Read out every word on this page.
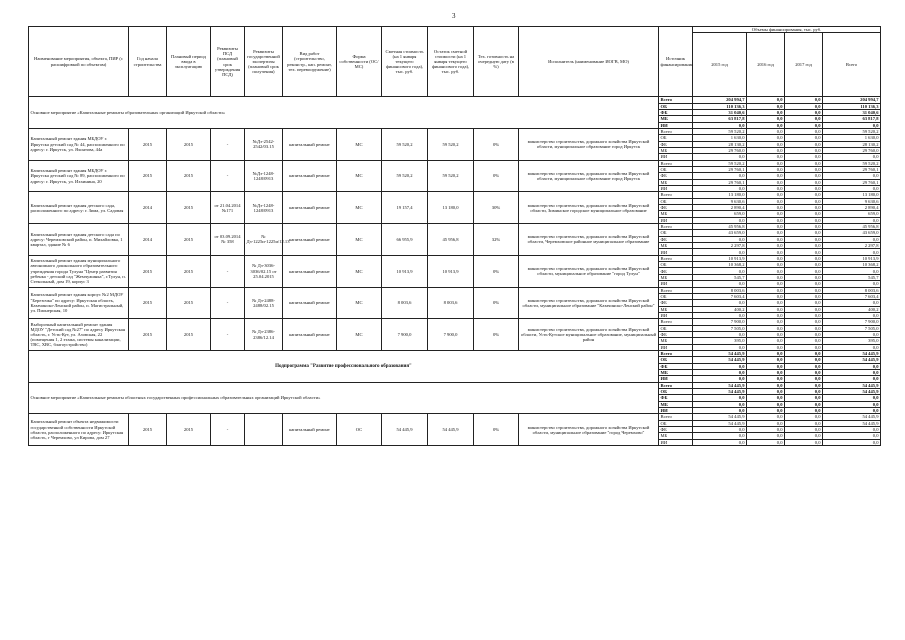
3
Наименование мероприятия, объекта, ПИР (с расшифровкой по объектам)	Год начала строительства	Плановый период ввода в эксплуатацию	Реквизиты ПСД (плановый срок утверждения ПСД)	Реквизиты государственной экспертизы (плановый срок получения)	Вид работ (строительство, реконстр., кап. ремонт, тех. перевооружение)	Форма собственности (ОС/МС)	Сметная стоимость (на 1 января текущего финансового года), тыс. руб.	Остаток сметной стоимости (на 1 января текущего финансового года), тыс. руб.	Тех. готовность на очередную дату (в %)	Исполнитель (наименование ИОГВ, МО)	Источник финансирования	Объемы финансирования, тыс. руб.			
												2015 год	2016 год	2017 год	Всего
Основное мероприятие «Капитальные ремонты образовательных организаций Иркутской области»											Всего	204 994,7	0,0	0,0	204 994,7
											ОБ	110 136,3	0,0	0,0	110 136,3
											ФБ	31 040,6	0,0	0,0	31 040,6
											МБ	63 817,8	0,0	0,0	63 817,8
											ИИ	0,0	0,0	0,0	0,0
Капитальный ремонт здания МБДОУ г. Иркутска детский сад № 44, расположенного по адресу: г. Иркутск, ул. Яхонтова, 44а	2015	2015	-	№Дз-2542-2542/03.15	капитальный ремонт	МС	59 520,2	59 520,2	0%	министерство строительства, дорожного хозяйства Иркутской области, муниципальное образование город Иркутск	Всего	59 520,2	0,0	0,0	59 520,2
											ОБ	1 630,0	0,0	0,0	1 630,0
											ФБ	28 130,2	0,0	0,0	28 130,2
											МБ	29 760,0	0,0	0,0	29 760,0
											ИИ	0,0	0,0	0,0	0,0
Капитальный ремонт здания МБДОУ г. Иркутска детский сад № 89, расположенного по адресу: г. Иркутск, ул. Иххинина, 20	2015	2015	-	№Дз-1248-1248/0913	капитальный ремонт	МС	59 520,2	59 520,2	0%	министерство строительства, дорожного хозяйства Иркутской области, муниципальное образование город Иркутск	Всего	59 520,2	0,0	0,0	59 520,2
											ОБ	29 760,1	0,0	0,0	29 760,1
											ФБ	0,0	0,0	0,0	0,0
											МБ	29 760,1	0,0	0,0	29 760,1
											ИИ	0,0	0,0	0,0	0,0
Капитальный ремонт здания детского сада, расположенного по адресу: г. Зима, ул. Садовая	2014	2015	от 21.04.2014 №171	№Дз-1248-1248/0913	капитальный ремонт	МС	19 157,4	13 180,0	30%	министерство строительства, дорожного хозяйства Иркутской области, Зиминское городское муниципальное образование	Всего	13 180,0	0,0	0,0	13 180,0
											ОБ	9 630,6	0,0	0,0	9 630,6
											ФБ	2 890,4	0,0	0,0	2 890,4
											МБ	659,0	0,0	0,0	659,0
											ИИ	0,0	0,0	0,0	0,0
Капитальный ремонт здания детского сада по адресу: Черемховский район, п. Михайловка, 1 квартал, здание № 6	2014	2015	от 03.09.2014 № 358	№ Дз-1225и-1225и/12.13	капитальный ремонт	МС	66 955,9	45 956,8	32%	министерство строительства, дорожного хозяйства Иркутской области, Черемховское районное муниципальное образование	Всего	45 956,8	0,0	0,0	45 956,8
											ОБ	43 659,0	0,0	0,0	43 659,0
											ФБ	0,0	0,0	0,0	0,0
											МБ	2 297,8	0,0	0,0	2 297,8
											ИИ	0,0	0,0	0,0	0,0
Капитальный ремонт здания муниципального автономного дошкольного образовательного учреждения города Тулуна "Центр развития ребенка - детский сад "Жемчужинка", г.Тулун, п. Стекольный, дом 19, корпус 3	2015	2015	-	№ Дз-3036-3036/02.15 от 25.04.2015	капитальный ремонт	МС	10 913,9	10 913,9	0%	министерство строительства, дорожного хозяйства Иркутской области, муниципальное образование "город Тулун"	Всего	10 913,9	0,0	0,0	10 913,9
											ОБ	10 368,2	0,0	0,0	10 368,2
											ФБ	0,0	0,0	0,0	0,0
											МБ	545,7	0,0	0,0	545,7
											ИИ	0,0	0,0	0,0	0,0
Капитальный ремонт здания корпус №2 МДОУ "Березочка" по адресу: Иркутская область, Казачинско-Ленский район, п. Магистральный, ул. Пионерская, 10	2015	2015	-	№ Дз-2488-2488/02.15	капитальный ремонт	МС	8 003,6	8 003,6	0%	министерство строительства, дорожного хозяйства Иркутской области, муниципальное образование "Казачинско-Ленский район"	Всего	8 003,6	0,0	0,0	8 003,6
											ОБ	7 603,4	0,0	0,0	7 603,4
											ФБ	0,0	0,0	0,0	0,0
											МБ	400,2	0,0	0,0	400,2
											ИИ	0,0	0,0	0,0	0,0
Выборочный капитальный ремонт здания МДОУ "Детский сад №27" по адресу Иркутская область, г. Усть-Кут, ул. Азовская, 22 (помещения 1, 2 этажа, системы канализации, ТВС, ХВС, благоустройство)	2015	2015	-	№ Дз-2386-2386/12.14	капитальный ремонт	МС	7 900,0	7 900,0	0%	министерство строительства, дорожного хозяйства Иркутской области, Усть-Кутское муниципальное образование, муниципальный район	Всего	7 900,0	0,0	0,0	7 900,0
											ОБ	7 505,0	0,0	0,0	7 505,0
											ФБ	0,0	0,0	0,0	0,0
											МБ	395,0	0,0	0,0	395,0
											ИИ	0,0	0,0	0,0	0,0
Подпрограмма "Развитие профессионального образования"											Всего	54 445,9	0,0	0,0	54 445,9
											ОБ	54 445,9	0,0	0,0	54 445,9
											ФБ	0,0	0,0	0,0	0,0
											МБ	0,0	0,0	0,0	0,0
											ИИ	0,0	0,0	0,0	0,0
Основное мероприятие «Капитальные ремонты областных государственных профессиональных образовательных организаций Иркутской области»											Всего	54 445,9	0,0	0,0	54 445,9
											ОБ	54 445,9	0,0	0,0	54 445,9
											ФБ	0,0	0,0	0,0	0,0
											МБ	0,0	0,0	0,0	0,0
											ИИ	0,0	0,0	0,0	0,0
Капитальный ремонт объекта недвижимости государственной собственности Иркутской области, расположенного по адресу: Иркутская область, г Черемхово, ул Кирова, дом 27	2015	2015	-		капитальный ремонт	ОС	54 445,9	54 445,9	0%	министерство строительства, дорожного хозяйства Иркутской области, муниципальное образование "город Черемхово"	Всего	54 445,9	0,0	0,0	54 445,9
											ОБ	54 445,9	0,0	0,0	54 445,9
											ФБ	0,0	0,0	0,0	0,0
											МБ	0,0	0,0	0,0	0,0
											ИИ	0,0	0,0	0,0	0,0
